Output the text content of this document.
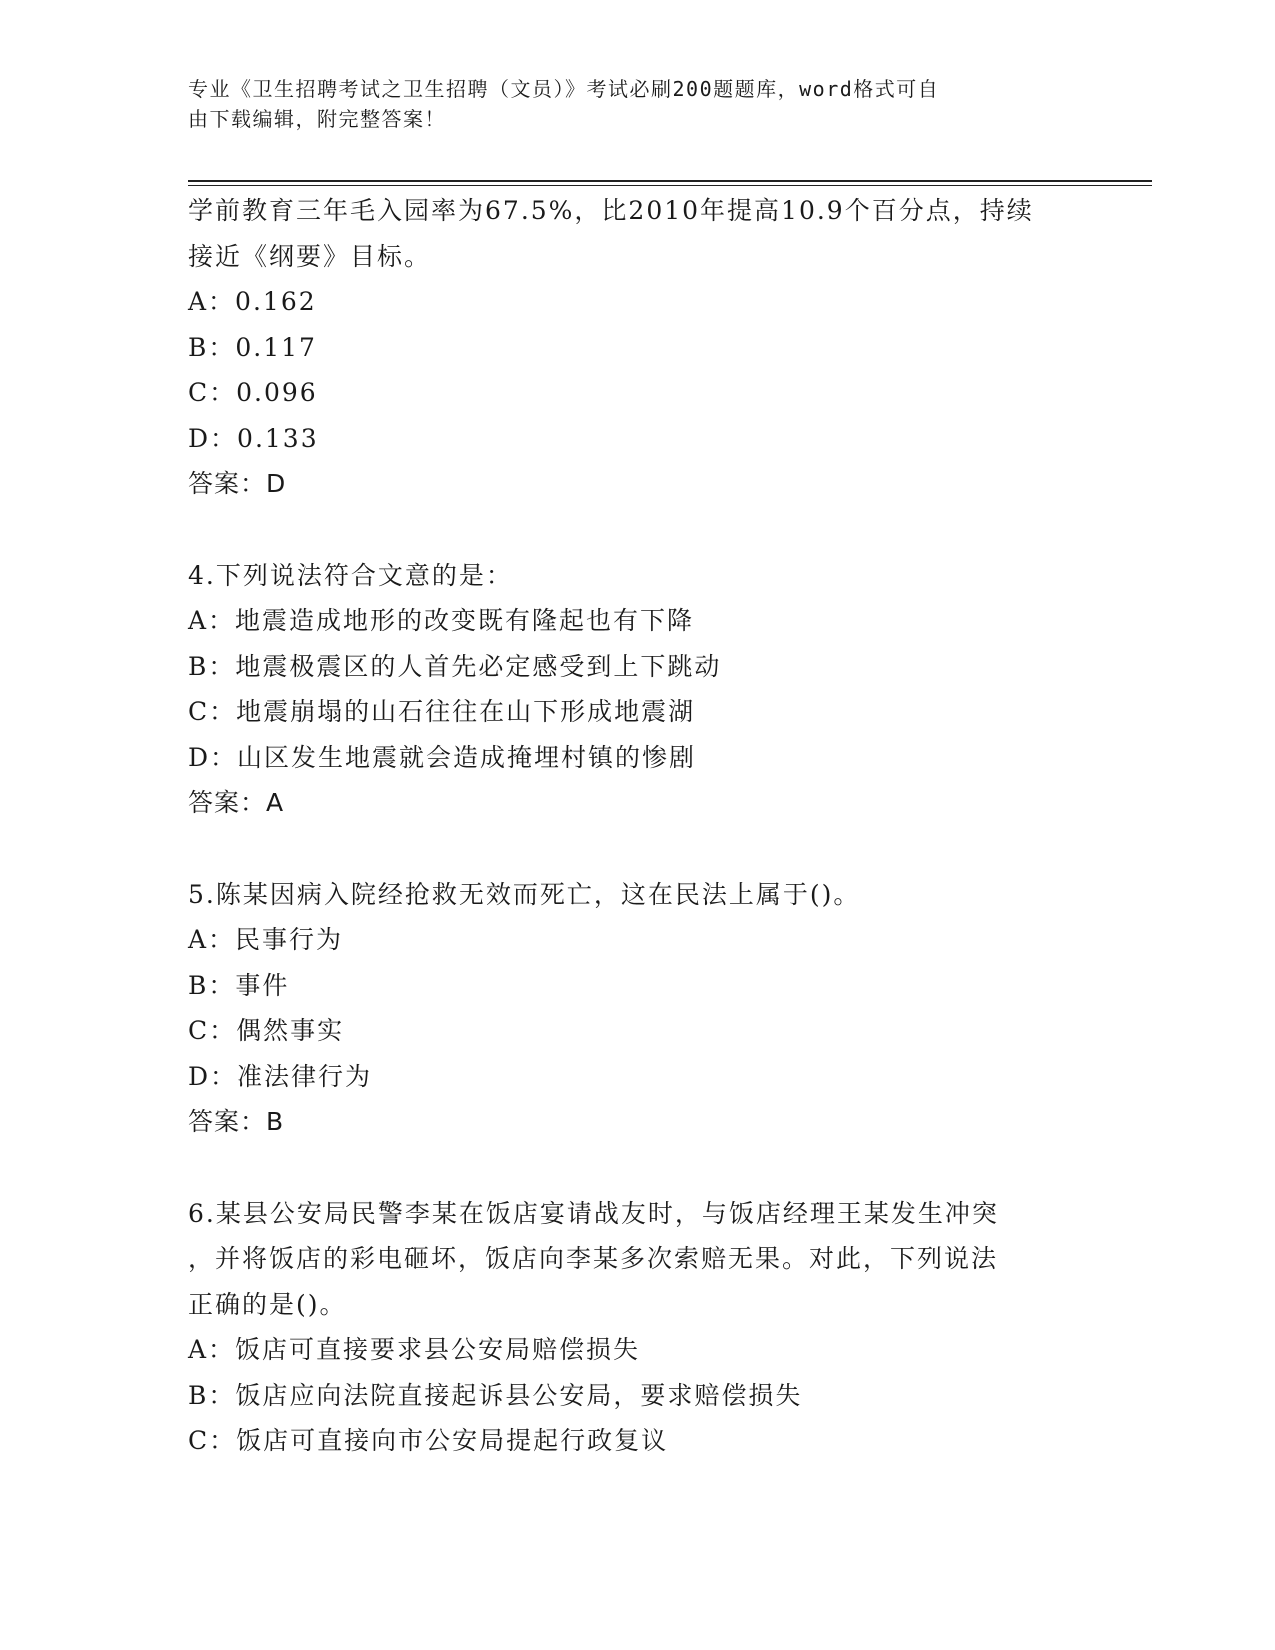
专业《卫生招聘考试之卫生招聘（文员）》考试必刷200题题库，word格式可自
由下载编辑，附完整答案！
学前教育三年毛入园率为67.5%，比2010年提高10.9个百分点，持续
接近《纲要》目标。
A：0.162
B：0.117
C：0.096
D：0.133
答案：D
4.下列说法符合文意的是：
A：地震造成地形的改变既有隆起也有下降
B：地震极震区的人首先必定感受到上下跳动
C：地震崩塌的山石往往在山下形成地震湖
D：山区发生地震就会造成掩埋村镇的惨剧
答案：A
5.陈某因病入院经抢救无效而死亡，这在民法上属于()。
A：民事行为
B：事件
C：偶然事实
D：准法律行为
答案：B
6.某县公安局民警李某在饭店宴请战友时，与饭店经理王某发生冲突
，并将饭店的彩电砸坏，饭店向李某多次索赔无果。对此，下列说法
正确的是()。
A：饭店可直接要求县公安局赔偿损失
B：饭店应向法院直接起诉县公安局，要求赔偿损失
C：饭店可直接向市公安局提起行政复议
